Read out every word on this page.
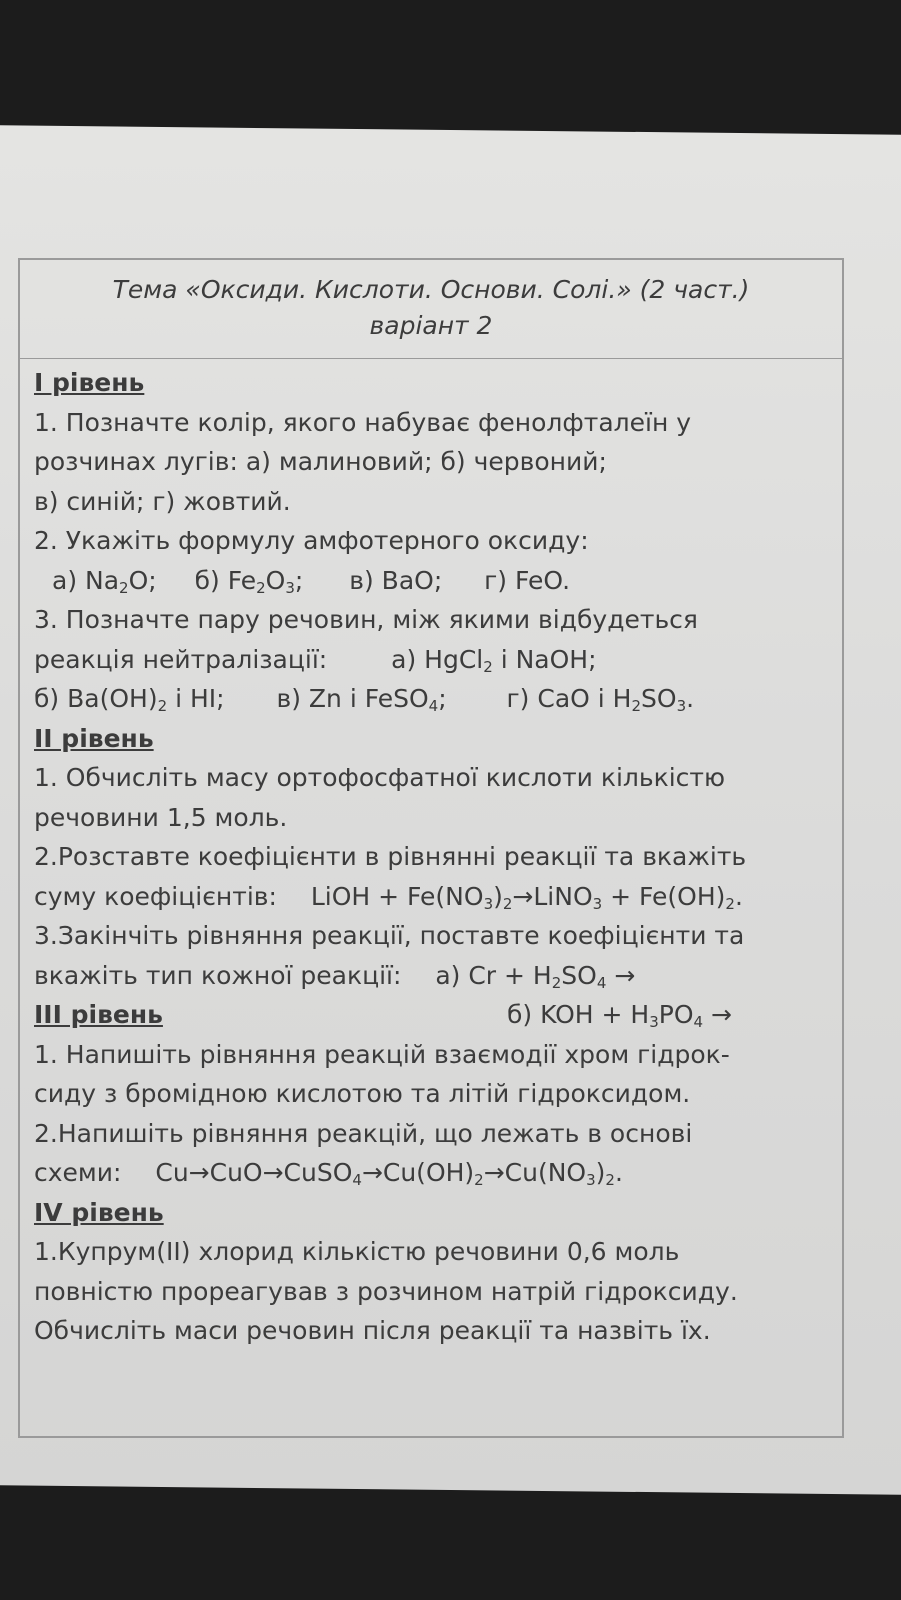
Тема «Оксиди. Кислоти. Основи. Солі.» (2 част.)
варіант 2
І рівень
1. Позначте колір, якого набуває фенолфталеїн у
розчинах лугів: а) малиновий; б) червоний;
в) синій; г) жовтий.
2. Укажіть формулу амфотерного оксиду:
а) $Na_2O$; б) $Fe_2O_3$; в) BaO; г) FeO.
3. Позначте пару речовин, між якими відбудеться
реакція нейтралізації:	а) HgCl$_2$ і NaOH;
б) $Ba(OH)_2$ і HI; в) Zn і FeSO$_4$; г) CaO і $H_2SO_3$.
ІІ рівень
1. Обчисліть масу ортофосфатної кислоти кількістю
речовини 1,5 моль.
2.Розставте коефіцієнти в рівнянні реакції та вкажіть
суму коефіцієнтів: LiOH + $Fe(NO_3)_2\to LiNO_3 + Fe(OH)_2$.
3.Закінчіть рівняння реакції, поставте коефіцієнти та
вкажіть тип кожної реакції: а) $Cr + H_2SO_4$ →
ІІІ рівень	б) KOH + $H_3PO_4$ →
1. Напишіть рівняння реакцій взаємодії хром гідрок-
сиду з бромідною кислотою та літій гідроксидом.
2.Напишіть рівняння реакцій, що лежать в основі
схеми: $Cu\to CuO\to CuSO_4\to Cu(OH)_2\to Cu(NO_3)_2$.
ІV рівень
1.Купрум(ІІ) хлорид кількістю речовини 0,6 моль
повністю прореагував з розчином натрій гідроксиду.
Обчисліть маси речовин після реакції та назвіть їх.
